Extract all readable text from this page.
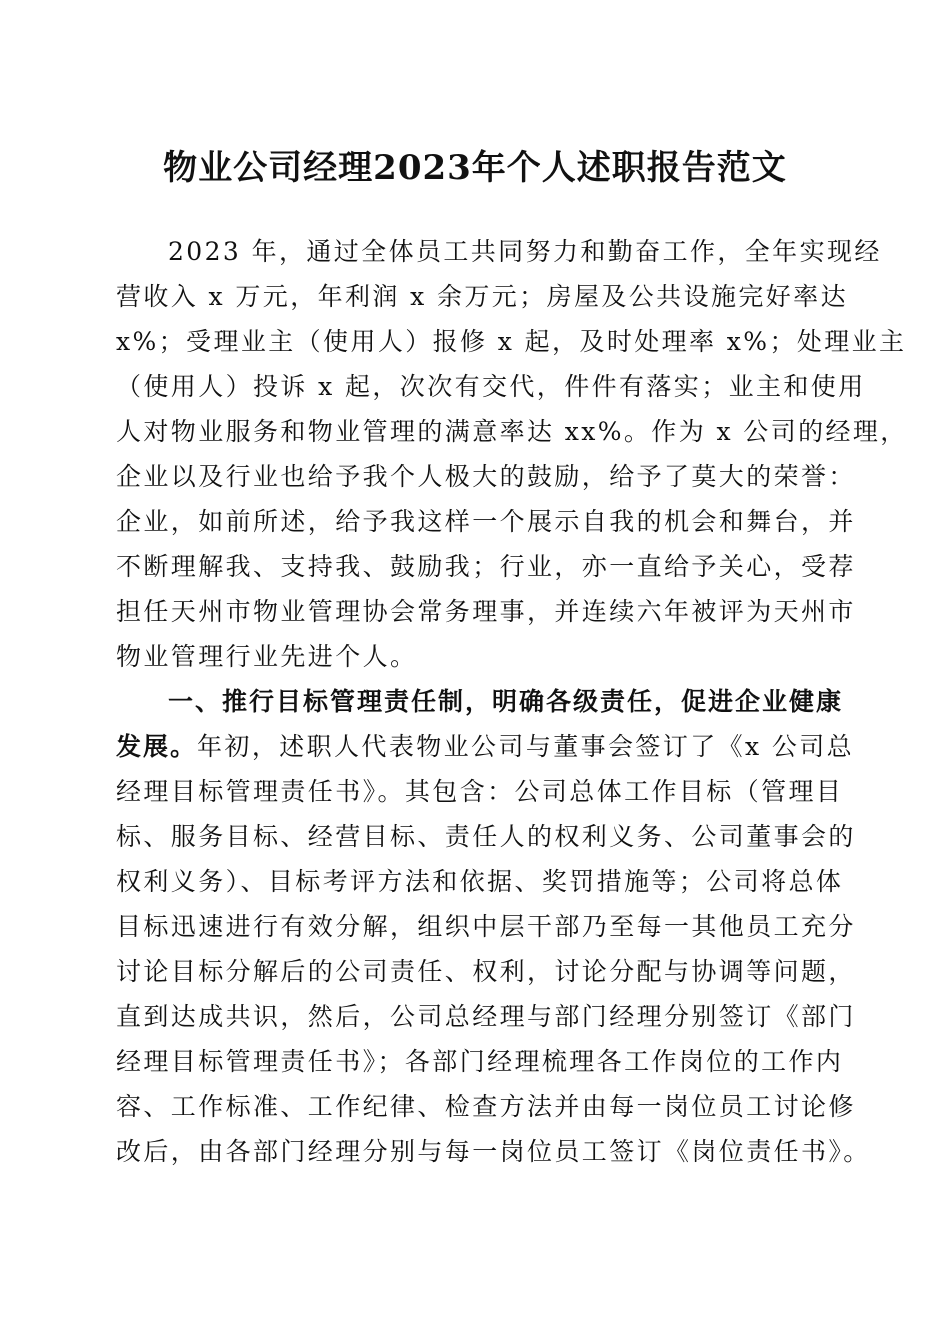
物业公司经理2023年个人述职报告范文
2023 年，通过全体员工共同努力和勤奋工作，全年实现经
营收入 x 万元，年利润 x 余万元；房屋及公共设施完好率达
x%；受理业主（使用人）报修 x 起，及时处理率 x%；处理业主
（使用人）投诉 x 起，次次有交代，件件有落实；业主和使用
人对物业服务和物业管理的满意率达 xx%。作为 x 公司的经理，
企业以及行业也给予我个人极大的鼓励，给予了莫大的荣誉：
企业，如前所述，给予我这样一个展示自我的机会和舞台，并
不断理解我、支持我、鼓励我；行业，亦一直给予关心，受荐
担任天州市物业管理协会常务理事，并连续六年被评为天州市
物业管理行业先进个人。
一、推行目标管理责任制，明确各级责任，促进企业健康
发展。年初，述职人代表物业公司与董事会签订了《x 公司总
经理目标管理责任书》。其包含：公司总体工作目标（管理目
标、服务目标、经营目标、责任人的权利义务、公司董事会的
权利义务）、目标考评方法和依据、奖罚措施等；公司将总体
目标迅速进行有效分解，组织中层干部乃至每一其他员工充分
讨论目标分解后的公司责任、权利，讨论分配与协调等问题，
直到达成共识，然后，公司总经理与部门经理分别签订《部门
经理目标管理责任书》；各部门经理梳理各工作岗位的工作内
容、工作标准、工作纪律、检查方法并由每一岗位员工讨论修
改后，由各部门经理分别与每一岗位员工签订《岗位责任书》。
